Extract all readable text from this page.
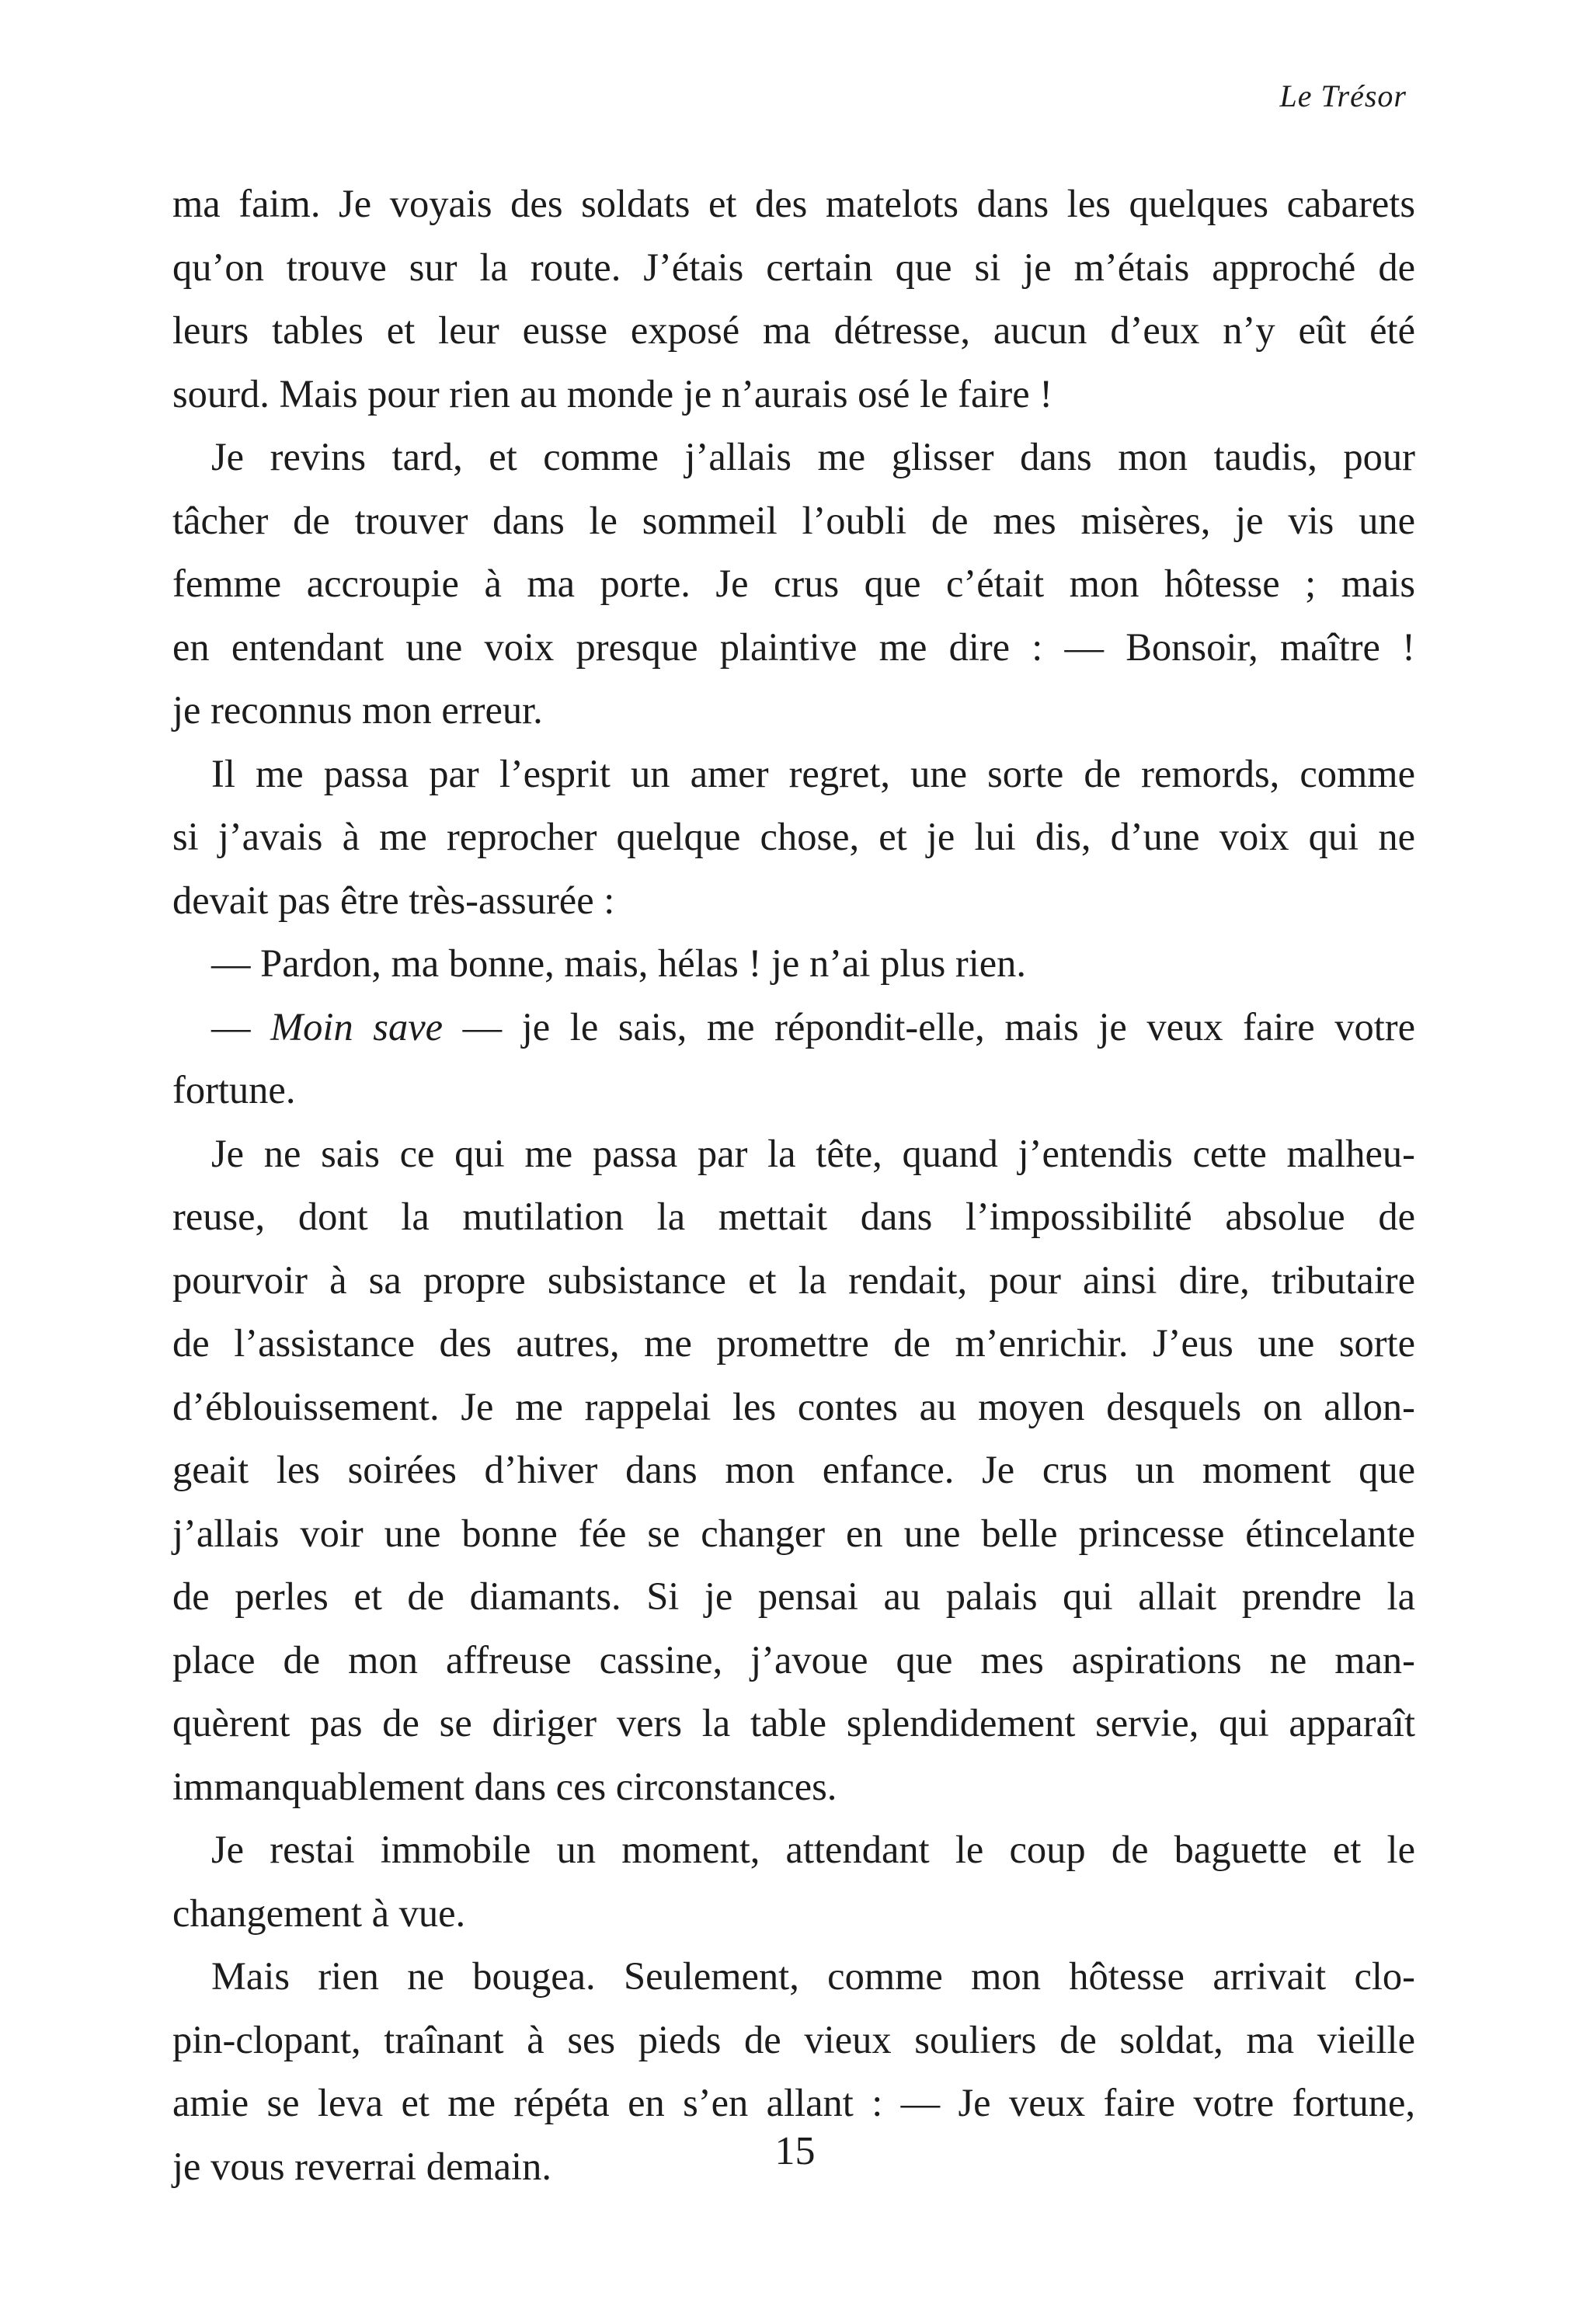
Le Trésor
ma faim. Je voyais des soldats et des matelots dans les quelques cabarets
qu’on trouve sur la route. J’étais certain que si je m’étais approché de
leurs tables et leur eusse exposé ma détresse, aucun d’eux n’y eût été
sourd. Mais pour rien au monde je n’aurais osé le faire !
Je revins tard, et comme j’allais me glisser dans mon taudis, pour
tâcher de trouver dans le sommeil l’oubli de mes misères, je vis une
femme accroupie à ma porte. Je crus que c’était mon hôtesse ; mais
en entendant une voix presque plaintive me dire : — Bonsoir, maître !
je reconnus mon erreur.
Il me passa par l’esprit un amer regret, une sorte de remords, comme
si j’avais à me reprocher quelque chose, et je lui dis, d’une voix qui ne
devait pas être très-assurée :
— Pardon, ma bonne, mais, hélas ! je n’ai plus rien.
— Moin save — je le sais, me répondit-elle, mais je veux faire votre
fortune.
Je ne sais ce qui me passa par la tête, quand j’entendis cette malheu-
reuse, dont la mutilation la mettait dans l’impossibilité absolue de
pourvoir à sa propre subsistance et la rendait, pour ainsi dire, tributaire
de l’assistance des autres, me promettre de m’enrichir. J’eus une sorte
d’éblouissement. Je me rappelai les contes au moyen desquels on allon-
geait les soirées d’hiver dans mon enfance. Je crus un moment que
j’allais voir une bonne fée se changer en une belle princesse étincelante
de perles et de diamants. Si je pensai au palais qui allait prendre la
place de mon affreuse cassine, j’avoue que mes aspirations ne man-
quèrent pas de se diriger vers la table splendidement servie, qui apparaît
immanquablement dans ces circonstances.
Je restai immobile un moment, attendant le coup de baguette et le
changement à vue.
Mais rien ne bougea. Seulement, comme mon hôtesse arrivait clo-
pin-clopant, traînant à ses pieds de vieux souliers de soldat, ma vieille
amie se leva et me répéta en s’en allant : — Je veux faire votre fortune,
je vous reverrai demain.	15
